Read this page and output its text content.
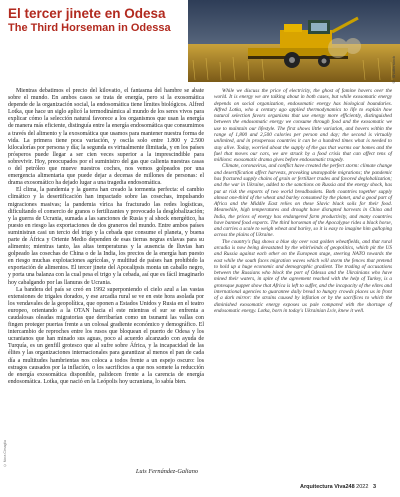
El tercer jinete en Odesa
The Third Horseman in Odessa
© Shutterstock
© Nora Cimaglia

Mientras debatimos el precio del kilovatio, el fantasma del hambre se abate sobre el mundo. En ambos casos se trata de energía, pero si la exosomática depende de la organización social, la endosomática tiene límites biológicos. Alfred Lotka, que hace un siglo aplicó la termodinámica al mundo de los seres vivos para explicar cómo la selección natural favorece a los organismos que usan la energía de manera más eficiente, distinguía entre la energía endosomática que consumimos a través del alimento y la exosomática que usamos para mantener nuestra forma de vida. La primera tiene poca variación, y oscila solo entre 1.800 y 2.500 kilocalorías por persona y día; la segunda es virtualmente ilimitada, y en los países prósperos puede llegar a ser cien veces superior a la imprescindible para sobrevivir. Hoy, preocupados por el suministro del gas que calienta nuestras casas o del petróleo que mueve nuestros coches, nos vemos golpeados por una emergencia alimentaria que puede dejar a decenas de millones de personas: el drama exosomático ha dejado lugar a una tragedia endosomática.

El clima, la pandemia y la guerra han creado la tormenta perfecta: el cambio climático y la desertificación han impactado sobre las cosechas, impulsando migraciones masivas; la pandemia vírica ha fracturado las redes logísticas, dificultando el comercio de granos o fertilizantes y provocado la desglobalización; y la guerra de Ucrania, sumada a las sanciones de Rusia y al shock energético, ha puesto en riesgo las exportaciones de dos graneros del mundo. Entre ambos países suministran casi un tercio del trigo y la cebada que consume el planeta, y buena parte de África y Oriente Medio dependen de esas tierras negras exlavas para su alimento; mientras tanto, las altas temperaturas y la ausencia de lluvias han golpeado las cosechas de China o de la India, los precios de la energía han puesto en riesgo muchas explotaciones agrícolas, y multitud de países han prohibido la exportación de alimentos. El tercer jinete del Apocalipsis monta un caballo negro, y porta una balanza con la cual pesa el trigo y la cebada, así que es fácil imaginarlo hoy cabalgando por las llanuras de Ucrania.

La bandera del país se creó en 1992 superponiendo el cielo azul a las vastas extensiones de trigales dorados, y ese arcadia rural se ve en este hora asolada por los vendavales de la geopolítica, que oponen a Estados Unidos y Rusia en el teatro europeo, orientando a la OTAN hacia el este mientras el sur se enfrenta a caudalosas oleadas migratorias que derribarían como un tsunami las vallas con fingen proteger puertas frente a un colosal gradiente económico y demográfico. El intercambio de reproches entre los rusos que bloquean el puerto de Odesa y los ucranianos que han minado sus aguas, poco al acuerdo alcanzado con ayuda de Turquía, es un genfill grotesco que al sufre sobre África, y la incapacidad de las élites y las organizaciones internacionales para garantizar al menos el pan de cada día a multitudes hambrientas nos coloca a todos frente a un espejo oscuro: los estragos causados por la inflación, o los sacrificios a que nos somete la reducción de energía exosomática disponible, palidecen frente a la carencia de energía endosomática. Lotka, que nació en la Leópolis hoy ucraniana, lo sabía bien.

Luis Fernández-Galiano

While we discuss the price of electricity, the ghost of famine hovers over the world. It is energy we are talking about in both cases, but while exosomatic energy depends on social organization, endosomatic energy has biological boundaries. Alfred Lotka, who a century ago applied thermodynamics to life to explain how natural selection favors organisms that use energy more efficiently, distinguished between the endosomatic energy we consume through food and the exosomatic we use to maintain our lifestyle. The first shows little variation, and hovers within the range of 1,800 and 2,500 calories per person and day; the second is virtually unlimited, and in prosperous countries it can be a hundred times what is needed to stay alive. Today, worried about the supply of the gas that warms our homes and the fuel that moves our cars, we are struck by a food crisis that can affect tens of millions: exosomatic drama gives before endosomatic tragedy.

Climate, coronavirus, and conflict have created the perfect storm: climate change and desertification affect harvests, provoking unstoppable migrations; the pandemic has fractured supply chains of grain or fertilizer trades and favored deglobalization; and the war in Ukraine, added to the sanctions on Russia and the energy shock, has put at risk the exports of two world breadbaskets. Both countries together supply almost one-third of the wheat and barley consumed by the planet, and a good part of Africa and the Middle East relies on these Slavic black soils for their food. Meanwhile, high temperatures and drought have disrupted harvests in China and India, the prices of energy has endangered farm productivity, and many countries have banned food exports. The third horseman of the Apocalypse rides a black horse, and carries a scale to weigh wheat and barley, so it is easy to imagine him galloping across the plains of Ukraine.

The country's flag shows a blue sky over vast golden wheatfields, and that rural arcadia is now being devastated by the whirlwinds of geopolitics, which pit the US and Russia against each other on the European stage, steering NATO towards the east while the south faces migration waves which will storm the fences that pretend to hold up a huge economic and demographic gradient. The trading of accusations between the Russians who block the port of Odessa and the Ukrainians who have mined their waters, in spite of the agreement reached with the help of Turkey, is a grotesque puppet show that Africa is left to suffer, and the incapacity of the elites and international agencies to guarantee daily bread to hungry crowds places us in front of a dark mirror: the strains caused by inflation or by the sacrifices to which the diminished exosomatic energy exposes us pale compared with the shortage of endosomatic energy. Lotka, born in today's Ukrainian Lviv, knew it well.

Arquitectura Viva248 2022 3
